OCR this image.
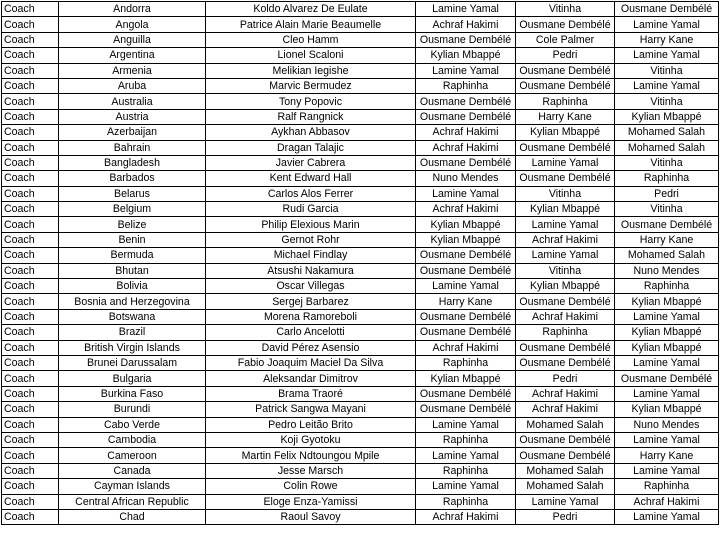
Coach	Andorra	Koldo Alvarez De Eulate	Lamine Yamal	Vitinha	Ousmane Dembélé
Coach	Angola	Patrice Alain Marie Beaumelle	Achraf Hakimi	Ousmane Dembélé	Lamine Yamal
Coach	Anguilla	Cleo Hamm	Ousmane Dembélé	Cole Palmer	Harry Kane
Coach	Argentina	Lionel Scaloni	Kylian Mbappé	Pedri	Lamine Yamal
Coach	Armenia	Melikian Iegishe	Lamine Yamal	Ousmane Dembélé	Vitinha
Coach	Aruba	Marvic Bermudez	Raphinha	Ousmane Dembélé	Lamine Yamal
Coach	Australia	Tony Popovic	Ousmane Dembélé	Raphinha	Vitinha
Coach	Austria	Ralf Rangnick	Ousmane Dembélé	Harry Kane	Kylian Mbappé
Coach	Azerbaijan	Aykhan Abbasov	Achraf Hakimi	Kylian Mbappé	Mohamed Salah
Coach	Bahrain	Dragan Talajic	Achraf Hakimi	Ousmane Dembélé	Mohamed Salah
Coach	Bangladesh	Javier Cabrera	Ousmane Dembélé	Lamine Yamal	Vitinha
Coach	Barbados	Kent Edward Hall	Nuno Mendes	Ousmane Dembélé	Raphinha
Coach	Belarus	Carlos Alos Ferrer	Lamine Yamal	Vitinha	Pedri
Coach	Belgium	Rudi Garcia	Achraf Hakimi	Kylian Mbappé	Vitinha
Coach	Belize	Philip Elexious Marin	Kylian Mbappé	Lamine Yamal	Ousmane Dembélé
Coach	Benin	Gernot Rohr	Kylian Mbappé	Achraf Hakimi	Harry Kane
Coach	Bermuda	Michael Findlay	Ousmane Dembélé	Lamine Yamal	Mohamed Salah
Coach	Bhutan	Atsushi Nakamura	Ousmane Dembélé	Vitinha	Nuno Mendes
Coach	Bolivia	Oscar Villegas	Lamine Yamal	Kylian Mbappé	Raphinha
Coach	Bosnia and Herzegovina	Sergej Barbarez	Harry Kane	Ousmane Dembélé	Kylian Mbappé
Coach	Botswana	Morena Ramoreboli	Ousmane Dembélé	Achraf Hakimi	Lamine Yamal
Coach	Brazil	Carlo Ancelotti	Ousmane Dembélé	Raphinha	Kylian Mbappé
Coach	British Virgin Islands	David Pérez Asensio	Achraf Hakimi	Ousmane Dembélé	Kylian Mbappé
Coach	Brunei Darussalam	Fabio Joaquim Maciel Da Silva	Raphinha	Ousmane Dembélé	Lamine Yamal
Coach	Bulgaria	Aleksandar Dimitrov	Kylian Mbappé	Pedri	Ousmane Dembélé
Coach	Burkina Faso	Brama Traoré	Ousmane Dembélé	Achraf Hakimi	Lamine Yamal
Coach	Burundi	Patrick Sangwa Mayani	Ousmane Dembélé	Achraf Hakimi	Kylian Mbappé
Coach	Cabo Verde	Pedro Leitão Brito	Lamine Yamal	Mohamed Salah	Nuno Mendes
Coach	Cambodia	Koji Gyotoku	Raphinha	Ousmane Dembélé	Lamine Yamal
Coach	Cameroon	Martin Felix Ndtoungou Mpile	Lamine Yamal	Ousmane Dembélé	Harry Kane
Coach	Canada	Jesse Marsch	Raphinha	Mohamed Salah	Lamine Yamal
Coach	Cayman Islands	Colin Rowe	Lamine Yamal	Mohamed Salah	Raphinha
Coach	Central African Republic	Eloge Enza-Yamissi	Raphinha	Lamine Yamal	Achraf Hakimi
Coach	Chad	Raoul Savoy	Achraf Hakimi	Pedri	Lamine Yamal
